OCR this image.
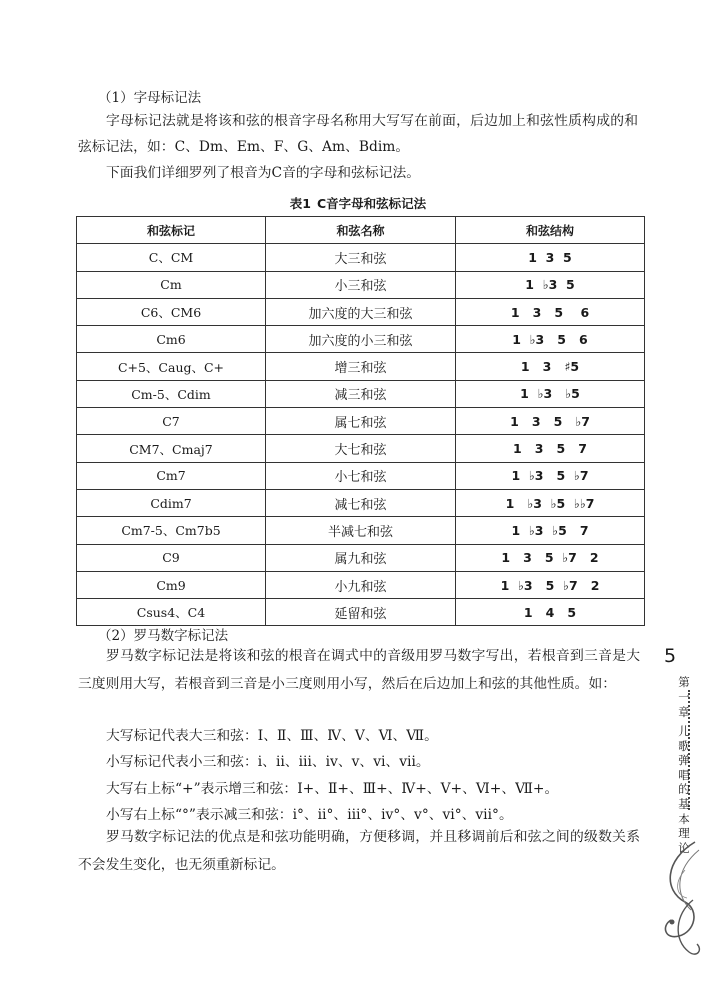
（1）字母标记法
字母标记法就是将该和弦的根音字母名称用大写写在前面，后边加上和弦性质构成的和弦标记法，如：C、Dm、Em、F、G、Am、Bdim。
下面我们详细罗列了根音为C音的字母和弦标记法。
表1 C音字母和弦标记法
和弦标记	和弦名称	和弦结构
C、CM	大三和弦	1  3  5
Cm	小三和弦	1  ♭3  5
C6、CM6	加六度的大三和弦	1   3   5    6
Cm6	加六度的小三和弦	1  ♭3   5   6
C+5、Caug、C+	增三和弦	1   3   ♯5
Cm-5、Cdim	减三和弦	1  ♭3   ♭5
C7	属七和弦	1   3   5   ♭7
CM7、Cmaj7	大七和弦	1   3   5   7
Cm7	小七和弦	1  ♭3   5  ♭7
Cdim7	减七和弦	1   ♭3  ♭5  ♭♭7
Cm7-5、Cm7b5	半减七和弦	1  ♭3  ♭5   7
C9	属九和弦	1   3   5  ♭7   2
Cm9	小九和弦	1  ♭3   5  ♭7   2
Csus4、C4	延留和弦	1   4   5
（2）罗马数字标记法
罗马数字标记法是将该和弦的根音在调式中的音级用罗马数字写出，若根音到三音是大三度则用大写，若根音到三音是小三度则用小写，然后在后边加上和弦的其他性质。如：
大写标记代表大三和弦：Ⅰ、Ⅱ、Ⅲ、Ⅳ、Ⅴ、Ⅵ、Ⅶ。
小写标记代表小三和弦：ⅰ、ⅱ、ⅲ、ⅳ、ⅴ、ⅵ、ⅶ。
大写右上标“+”表示增三和弦：Ⅰ+、Ⅱ+、Ⅲ+、Ⅳ+、Ⅴ+、Ⅵ+、Ⅶ+。
小写右上标“°”表示减三和弦：ⅰ°、ⅱ°、ⅲ°、ⅳ°、ⅴ°、ⅵ°、ⅶ°。
罗马数字标记法的优点是和弦功能明确，方便移调，并且移调前后和弦之间的级数关系不会发生变化，也无须重新标记。
5
第
一
章
儿
歌
弹
唱
的
基
本
理
论
